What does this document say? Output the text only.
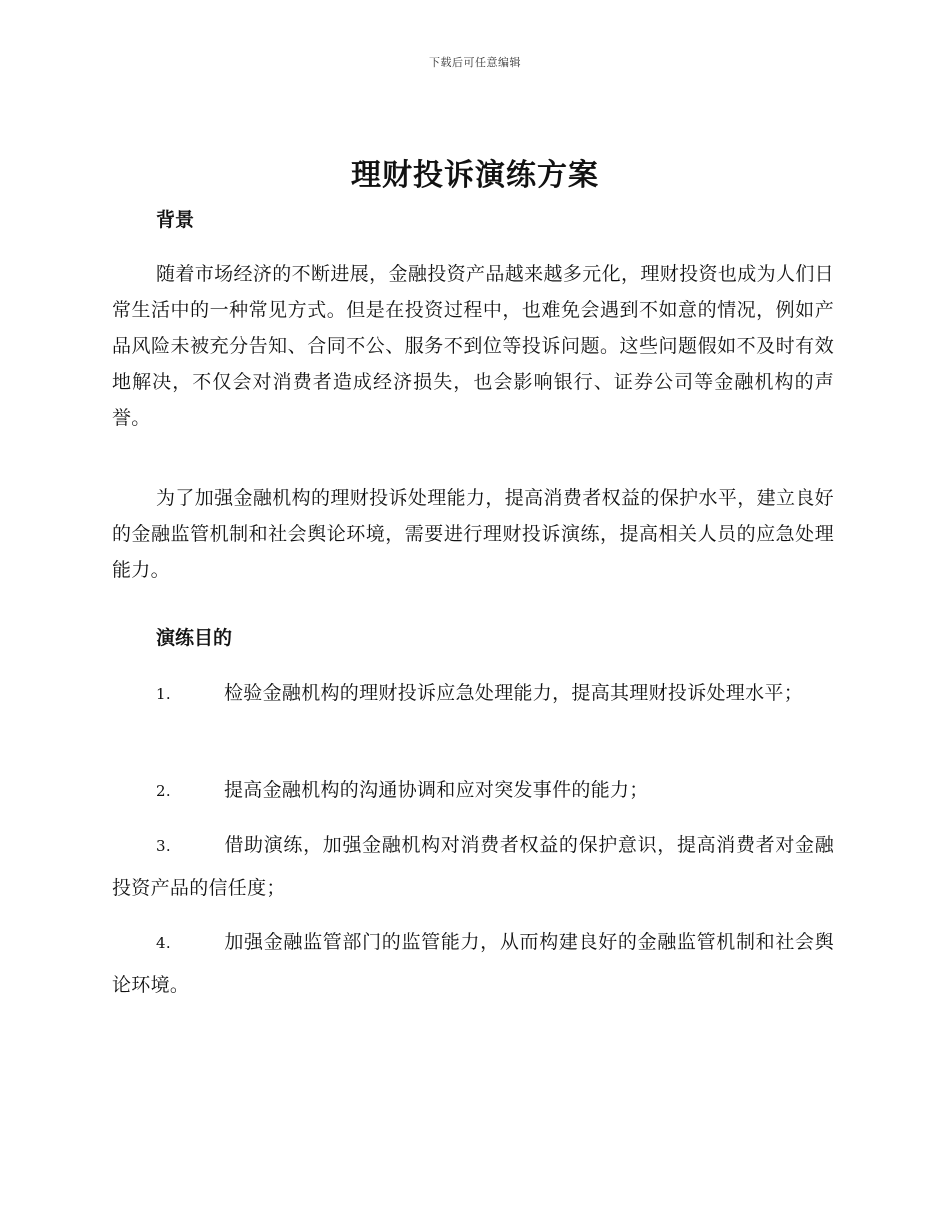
下载后可任意编辑
理财投诉演练方案
背景

随着市场经济的不断进展，金融投资产品越来越多元化，理财投资也成为人们日常生活中的一种常见方式。但是在投资过程中，也难免会遇到不如意的情况，例如产品风险未被充分告知、合同不公、服务不到位等投诉问题。这些问题假如不及时有效地解决，不仅会对消费者造成经济损失，也会影响银行、证券公司等金融机构的声誉。

为了加强金融机构的理财投诉处理能力，提高消费者权益的保护水平，建立良好的金融监管机制和社会舆论环境，需要进行理财投诉演练，提高相关人员的应急处理能力。

演练目的

1.	检验金融机构的理财投诉应急处理能力，提高其理财投诉处理水平；

2.	提高金融机构的沟通协调和应对突发事件的能力；

3.	借助演练，加强金融机构对消费者权益的保护意识，提高消费者对金融投资产品的信任度；

4.	加强金融监管部门的监管能力，从而构建良好的金融监管机制和社会舆论环境。
